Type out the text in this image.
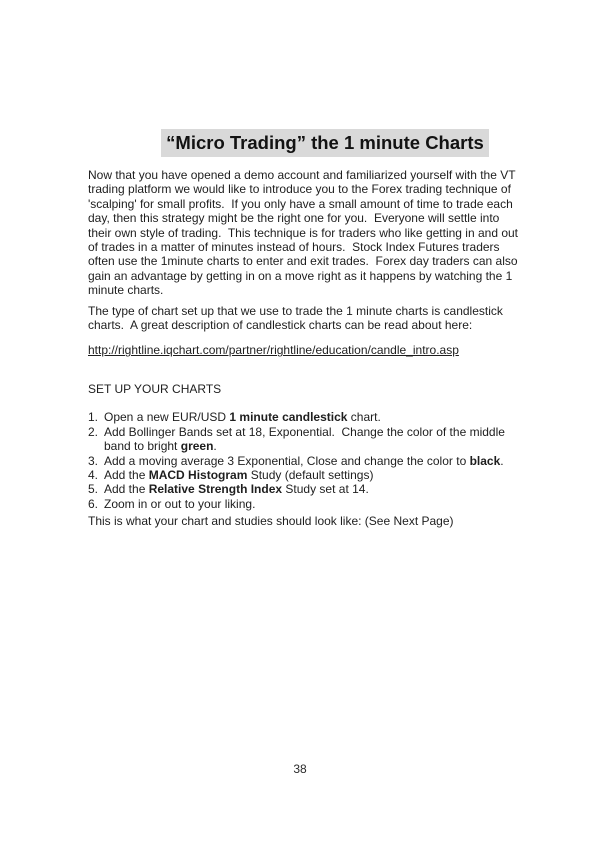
“Micro Trading” the 1 minute Charts
Now that you have opened a demo account and familiarized yourself with the VT
trading platform we would like to introduce you to the Forex trading technique of
'scalping' for small profits.  If you only have a small amount of time to trade each
day, then this strategy might be the right one for you.  Everyone will settle into
their own style of trading.  This technique is for traders who like getting in and out
of trades in a matter of minutes instead of hours.  Stock Index Futures traders
often use the 1minute charts to enter and exit trades.  Forex day traders can also
gain an advantage by getting in on a move right as it happens by watching the 1
minute charts.
The type of chart set up that we use to trade the 1 minute charts is candlestick
charts.  A great description of candlestick charts can be read about here:
http://rightline.iqchart.com/partner/rightline/education/candle_intro.asp
SET UP YOUR CHARTS
1. Open a new EUR/USD 1 minute candlestick chart.
2. Add Bollinger Bands set at 18, Exponential.  Change the color of the middle
band to bright green.
3. Add a moving average 3 Exponential, Close and change the color to black.
4. Add the MACD Histogram Study (default settings)
5. Add the Relative Strength Index Study set at 14.
6. Zoom in or out to your liking.
This is what your chart and studies should look like: (See Next Page)
38
